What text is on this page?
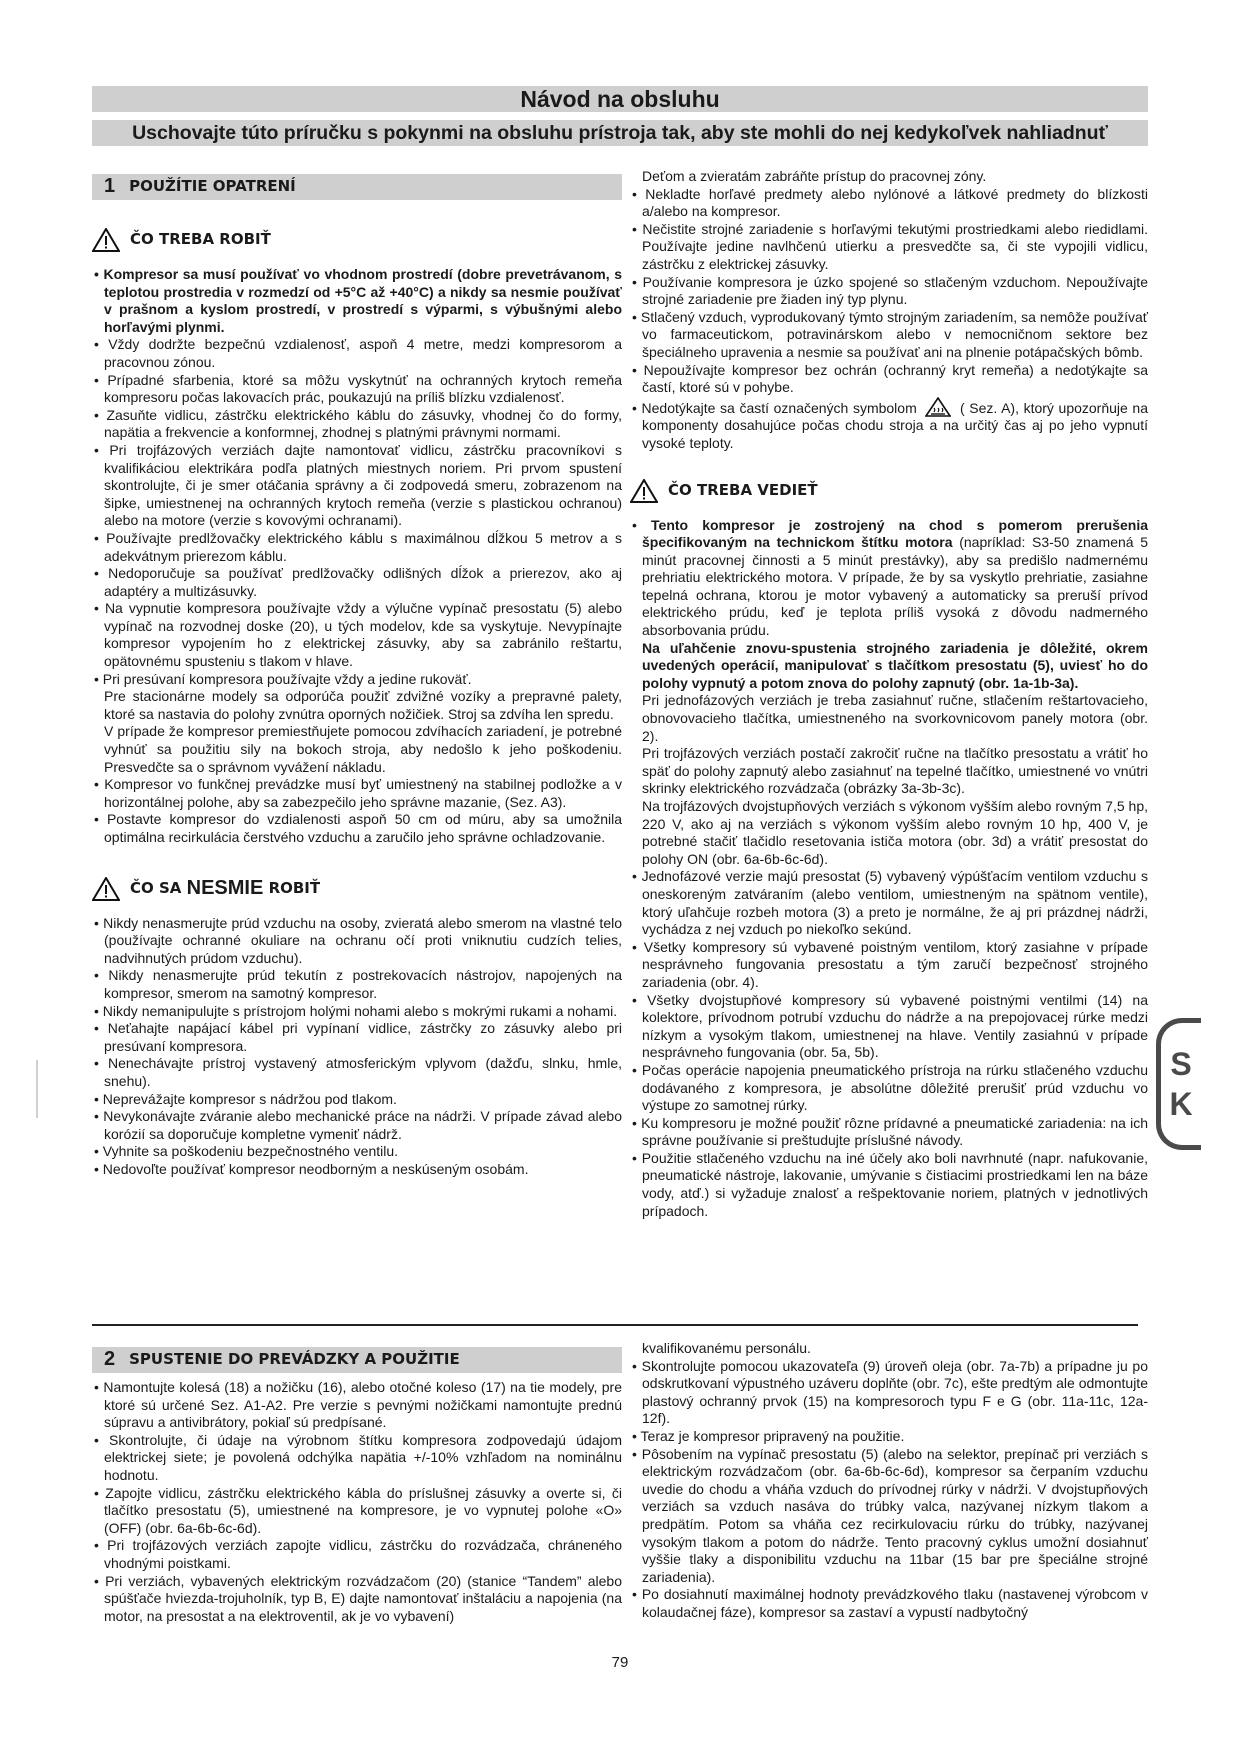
Návod na obsluhu
Uschovajte túto príručku s pokynmi na obsluhu prístroja tak, aby ste mohli do nej kedykoľvek nahliadnuť
1 POUŽÍTIE OPATRENÍ
ČO TREBA ROBIŤ

• Kompresor sa musí používať vo vhodnom prostredí (dobre prevetrávanom, s teplotou prostredia v rozmedzí od +5°C až +40°C) a nikdy sa nesmie používať v prašnom a kyslom prostredí, v prostredí s výparmi, s výbušnými alebo horľavými plynmi.

• Vždy dodržte bezpečnú vzdialenosť, aspoň 4 metre, medzi kompresorom a pracovnou zónou.

• Prípadné sfarbenia, ktoré sa môžu vyskytnúť na ochranných krytoch remeňa kompresoru počas lakovacích prác, poukazujú na príliš blízku vzdialenosť.

• Zasuňte vidlicu, zástrčku elektrického káblu do zásuvky, vhodnej čo do formy, napätia a frekvencie a konformnej, zhodnej s platnými právnymi normami.

• Pri trojfázových verziách dajte namontovať vidlicu, zástrčku pracovníkovi s kvalifikáciou elektrikára podľa platných miestnych noriem. Pri prvom spustení skontrolujte, či je smer otáčania správny a či zodpovedá smeru, zobrazenom na šipke, umiestnenej na ochranných krytoch remeňa (verzie s plastickou ochranou) alebo na motore (verzie s kovovými ochranami).

• Používajte predlžovačky elektrického káblu s maximálnou dĺžkou 5 metrov a s adekvátnym prierezom káblu.

• Nedoporučuje sa používať predlžovačky odlišných dĺžok a prierezov, ako aj adaptéry a multizásuvky.

• Na vypnutie kompresora používajte vždy a výlučne vypínač presostatu (5) alebo vypínač na rozvodnej doske (20), u tých modelov, kde sa vyskytuje. Nevypínajte kompresor vypojením ho z elektrickej zásuvky, aby sa zabránilo reštartu, opätovnému spusteniu s tlakom v hlave.

• Pri presúvaní kompresora používajte vždy a jedine rukoväť.

Pre stacionárne modely sa odporúča použiť zdvižné vozíky a prepravné palety, ktoré sa nastavia do polohy zvnútra oporných nožičiek. Stroj sa zdvíha len spredu.

V prípade že kompresor premiestňujete pomocou zdvíhacích zariadení, je potrebné vyhnúť sa použitiu sily na bokoch stroja, aby nedošlo k jeho poškodeniu. Presvedčte sa o správnom vyvážení nákladu.

• Kompresor vo funkčnej prevádzke musí byť umiestnený na stabilnej podložke a v horizontálnej polohe, aby sa zabezpečilo jeho správne mazanie, (Sez. A3).

• Postavte kompresor do vzdialenosti aspoň 50 cm od múru, aby sa umožnila optimálna recirkulácia čerstvého vzduchu a zaručilo jeho správne ochladzovanie.

ČO SA
NESMIE
ROBIŤ

• Nikdy nenasmerujte prúd vzduchu na osoby, zvieratá alebo smerom na vlastné telo (používajte ochranné okuliare na ochranu očí proti vniknutiu cudzích telies, nadvihnutých prúdom vzduchu).

• Nikdy nenasmerujte prúd tekutín z postrekovacích nástrojov, napojených na kompresor, smerom na samotný kompresor.

• Nikdy nemanipulujte s prístrojom holými nohami alebo s mokrými rukami a nohami.

• Neťahajte napájací kábel pri vypínaní vidlice, zástrčky zo zásuvky alebo pri presúvaní kompresora.

• Nenechávajte prístroj vystavený atmosferickým vplyvom (dažďu, slnku, hmle, snehu).

• Neprevážajte kompresor s nádržou pod tlakom.

• Nevykonávajte zváranie alebo mechanické práce na nádrži. V prípade závad alebo korózií sa doporučuje kompletne vymeniť nádrž.

• Vyhnite sa poškodeniu bezpečnostného ventilu.

• Nedovoľte používať kompresor neodborným a neskúseným osobám.

Deťom a zvieratám zabráňte prístup do pracovnej zóny.

• Nekladte horľavé predmety alebo nylónové a látkové predmety do blízkosti a/alebo na kompresor.

• Nečistite strojné zariadenie s horľavými tekutými prostriedkami alebo riedidlami. Používajte jedine navlhčenú utierku a presvedčte sa, či ste vypojili vidlicu, zástrčku z elektrickej zásuvky.

• Používanie kompresora je úzko spojené so stlačeným vzduchom. Nepoužívajte strojné zariadenie pre žiaden iný typ plynu.

• Stlačený vzduch, vyprodukovaný týmto strojným zariadením, sa nemôže používať vo farmaceutickom, potravinárskom alebo v nemocničnom sektore bez špeciálneho upravenia a nesmie sa používať ani na plnenie potápačských bômb.

• Nepoužívajte kompresor bez ochrán (ochranný kryt remeňa) a nedotýkajte sa častí, ktoré sú v pohybe.

• Nedotýkajte sa častí označených symbolom	( Sez. A), ktorý upozorňuje na komponenty dosahujúce počas chodu stroja a na určitý čas aj po jeho vypnutí vysoké teploty.

ČO TREBA VEDIEŤ

• Tento kompresor je zostrojený na chod s pomerom prerušenia špecifikovaným na technickom štítku motora (napríklad: S3-50 znamená 5 minút pracovnej činnosti a 5 minút prestávky), aby sa predišlo nadmernému prehriatiu elektrického motora. V prípade, že by sa vyskytlo prehriatie, zasiahne tepelná ochrana, ktorou je motor vybavený a automaticky sa preruší prívod elektrického prúdu, keď je teplota príliš vysoká z dôvodu nadmerného absorbovania prúdu.

Na uľahčenie znovu-spustenia strojného zariadenia je dôležité, okrem uvedených operácií, manipulovať s tlačítkom presostatu (5), uviesť ho do polohy vypnutý a potom znova do polohy zapnutý (obr. 1a-1b-3a).

Pri jednofázových verziách je treba zasiahnuť ručne, stlačením reštartovacieho, obnovovacieho tlačítka, umiestneného na svorkovnicovom panely motora (obr. 2).

Pri trojfázových verziách postačí zakročiť ručne na tlačítko presostatu a vrátiť ho späť do polohy zapnutý alebo zasiahnuť na tepelné tlačítko, umiestnené vo vnútri skrinky elektrického rozvádzača (obrázky 3a-3b-3c).

Na trojfázových dvojstupňových verziách s výkonom vyšším alebo rovným 7,5 hp, 220 V, ako aj na verziách s výkonom vyšším alebo rovným 10 hp, 400 V, je potrebné stačiť tlačidlo resetovania ističa motora (obr. 3d) a vrátiť presostat do polohy ON (obr. 6a-6b-6c-6d).

• Jednofázové verzie majú presostat (5) vybavený výpúšťacím ventilom vzduchu s oneskoreným zatváraním (alebo ventilom, umiestneným na spätnom ventile), ktorý uľahčuje rozbeh motora (3) a preto je normálne, že aj pri prázdnej nádrži, vychádza z nej vzduch po niekoľko sekúnd.

• Všetky kompresory sú vybavené poistným ventilom, ktorý zasiahne v prípade nesprávneho fungovania presostatu a tým zaručí bezpečnosť strojného zariadenia (obr. 4).

• Všetky dvojstupňové kompresory sú vybavené poistnými ventilmi (14) na kolektore, prívodnom potrubí vzduchu do nádrže a na prepojovacej rúrke medzi nízkym a vysokým tlakom, umiestnenej na hlave. Ventily zasiahnú v prípade nesprávneho fungovania (obr. 5a, 5b).

• Počas operácie napojenia pneumatického prístroja na rúrku stlačeného vzduchu dodávaného z kompresora, je absolútne dôležité prerušiť prúd vzduchu vo výstupe zo samotnej rúrky.

• Ku kompresoru je možné použiť rôzne prídavné a pneumatické zariadenia: na ich správne používanie si preštudujte príslušné návody.

• Použitie stlačeného vzduchu na iné účely ako boli navrhnuté (napr. nafukovanie, pneumatické nástroje, lakovanie, umývanie s čistiacimi prostriedkami len na báze vody, atď.) si vyžaduje znalosť a rešpektovanie noriem, platných v jednotlivých prípadoch.

2 SPUSTENIE DO PREVÁDZKY A POUŽITIE

• Namontujte kolesá (18) a nožičku (16), alebo otočné koleso (17) na tie modely, pre ktoré sú určené Sez. A1-A2. Pre verzie s pevnými nožičkami namontujte prednú súpravu a antivibrátory, pokiaľ sú predpísané.

• Skontrolujte, či údaje na výrobnom štítku kompresora zodpovedajú údajom elektrickej siete; je povolená odchýlka napätia +/-10% vzhľadom na nominálnu hodnotu.

• Zapojte vidlicu, zástrčku elektrického kábla do príslušnej zásuvky a overte si, či tlačítko presostatu (5), umiestnené na kompresore, je vo vypnutej polohe «O» (OFF) (obr. 6a-6b-6c-6d).

• Pri trojfázových verziách zapojte vidlicu, zástrčku do rozvádzača, chráneného vhodnými poistkami.

• Pri verziách, vybavených elektrickým rozvádzačom (20) (stanice “Tandem” alebo spúšťače hviezda-trojuholník, typ B, E) dajte namontovať inštaláciu a napojenia (na motor, na presostat a na elektroventil, ak je vo vybavení)

kvalifikovanému personálu.

• Skontrolujte pomocou ukazovateľa (9) úroveň oleja (obr. 7a-7b) a prípadne ju po odskrutkovaní výpustného uzáveru doplňte (obr. 7c), ešte predtým ale odmontujte plastový ochranný prvok (15) na kompresoroch typu F e G (obr. 11a-11c, 12a-12f).

• Teraz je kompresor pripravený na použitie.

• Pôsobením na vypínač presostatu (5) (alebo na selektor, prepínač pri verziách s elektrickým rozvádzačom (obr. 6a-6b-6c-6d), kompresor sa čerpaním vzduchu uvedie do chodu a vháňa vzduch do prívodnej rúrky v nádrži. V dvojstupňových verziách sa vzduch nasáva do trúbky valca, nazývanej nízkym tlakom a predpätím. Potom sa vháňa cez recirkulovaciu rúrku do trúbky, nazývanej vysokým tlakom a potom do nádrže. Tento pracovný cyklus umožní dosiahnuť vyššie tlaky a disponibilitu vzduchu na 11bar (15 bar pre špeciálne strojné zariadenia).

• Po dosiahnutí maximálnej hodnoty prevádzkového tlaku (nastavenej výrobcom v kolaudačnej fáze), kompresor sa zastaví a vypustí nadbytočný

S
K
79
